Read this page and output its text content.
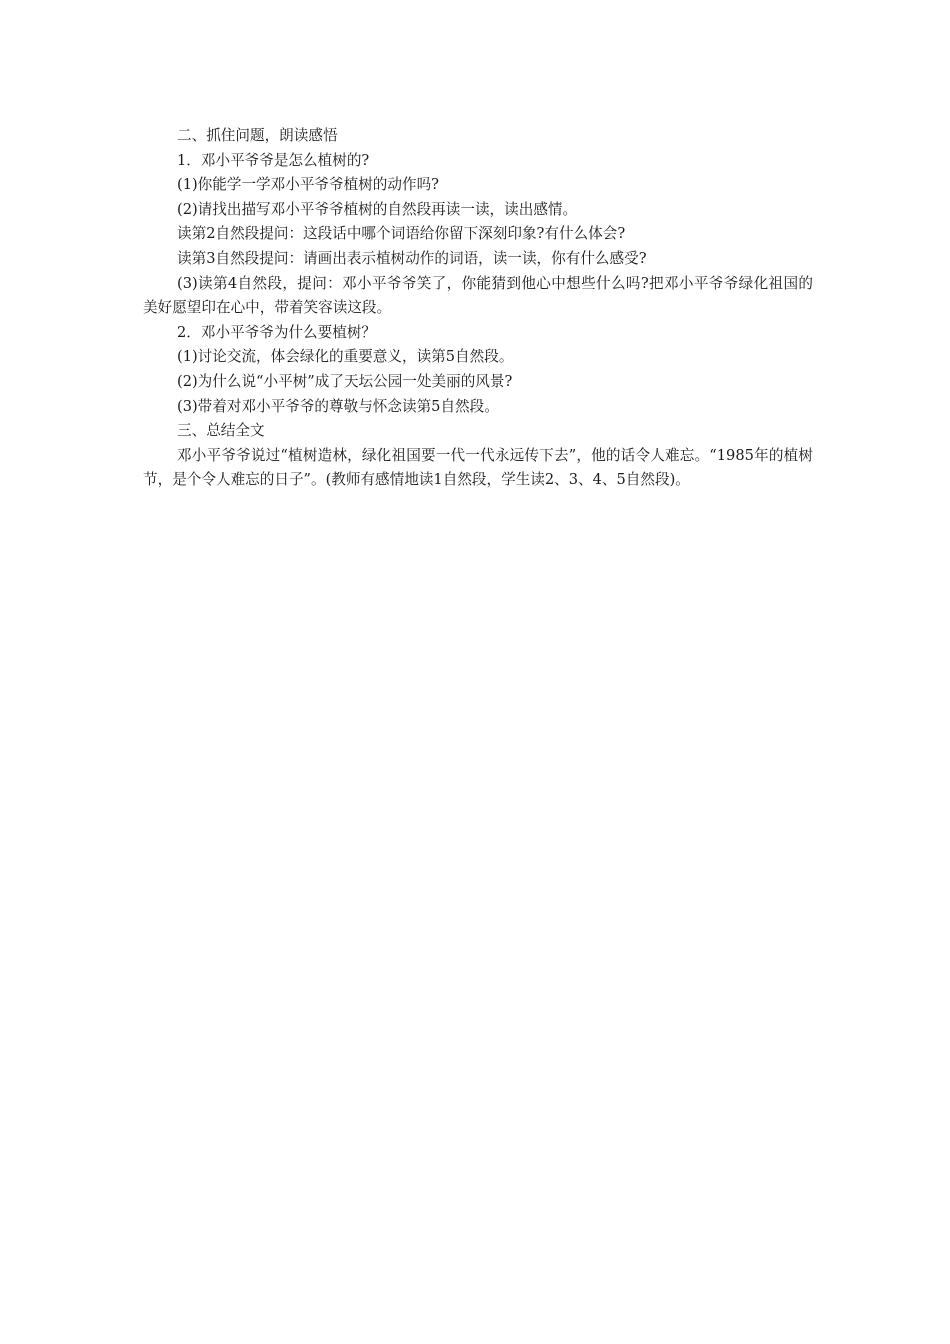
二、抓住问题，朗读感悟

1．邓小平爷爷是怎么植树的?

(1)你能学一学邓小平爷爷植树的动作吗?

(2)请找出描写邓小平爷爷植树的自然段再读一读，读出感情。

读第2自然段提问：这段话中哪个词语给你留下深刻印象?有什么体会?

读第3自然段提问：请画出表示植树动作的词语，读一读，你有什么感受?

(3)读第4自然段，提问：邓小平爷爷笑了，你能猜到他心中想些什么吗?把邓小平爷爷绿化祖国的美好愿望印在心中，带着笑容读这段。

2．邓小平爷爷为什么要植树？

(1)讨论交流，体会绿化的重要意义，读第5自然段。

(2)为什么说“小平树”成了天坛公园一处美丽的风景?

(3)带着对邓小平爷爷的尊敬与怀念读第5自然段。

三、总结全文

邓小平爷爷说过“植树造林，绿化祖国要一代一代永远传下去”，他的话令人难忘。“1985年的植树节，是个令人难忘的日子”。(教师有感情地读1自然段，学生读2、3、4、5自然段)。
